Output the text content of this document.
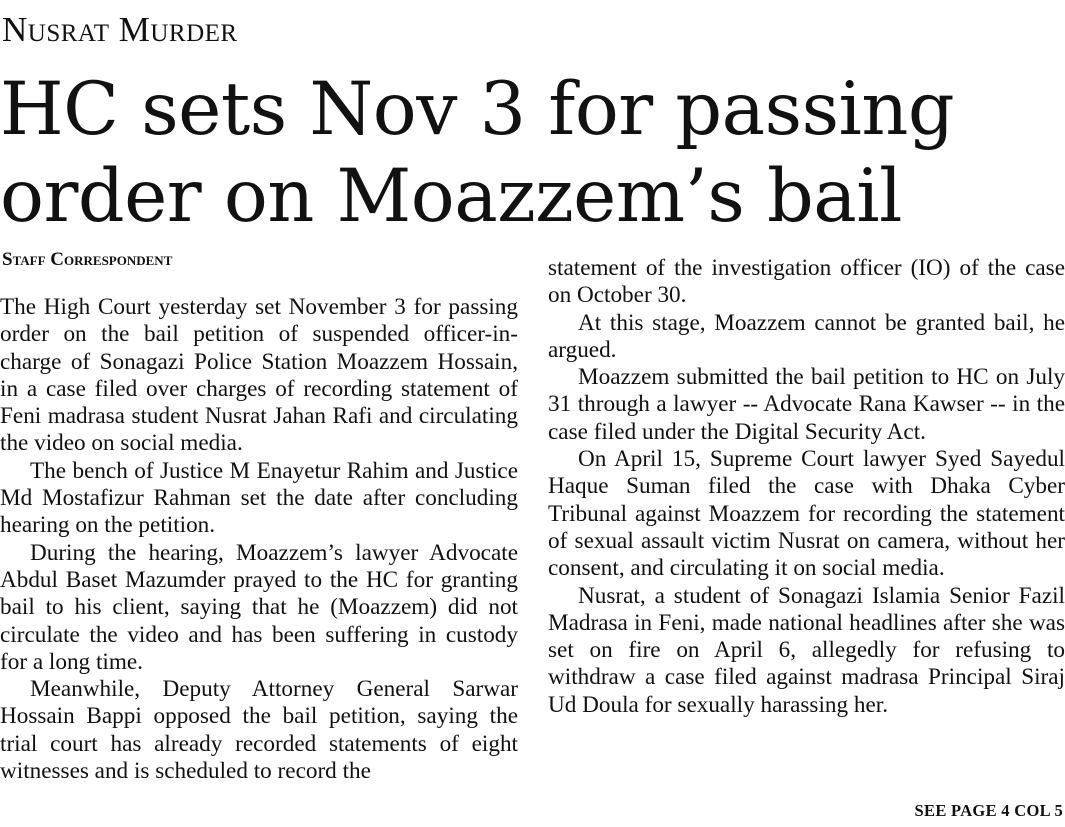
Nusrat Murder
HC sets Nov 3 for passing
order on Moazzem’s bail
Staff Correspondent

The High Court yesterday set November 3 for passing order on the bail petition of suspended officer-in-charge of Sonagazi Police Station Moazzem Hossain, in a case filed over charges of recording statement of Feni madrasa student Nusrat Jahan Rafi and circulating the video on social media.

The bench of Justice M Enayetur Rahim and Justice Md Mostafizur Rahman set the date after concluding hearing on the petition.

During the hearing, Moazzem’s lawyer Advocate Abdul Baset Mazumder prayed to the HC for granting bail to his client, saying that he (Moazzem) did not circulate the video and has been suffering in custody for a long time.

Meanwhile, Deputy Attorney General Sarwar Hossain Bappi opposed the bail petition, saying the trial court has already recorded statements of eight witnesses and is scheduled to record the

statement of the investigation officer (IO) of the case on October 30.

At this stage, Moazzem cannot be granted bail, he argued.

Moazzem submitted the bail petition to HC on July 31 through a lawyer -- Advocate Rana Kawser -- in the case filed under the Digital Security Act.

On April 15, Supreme Court lawyer Syed Sayedul Haque Suman filed the case with Dhaka Cyber Tribunal against Moazzem for recording the statement of sexual assault victim Nusrat on camera, without her consent, and circulating it on social media.

Nusrat, a student of Sonagazi Islamia Senior Fazil Madrasa in Feni, made national headlines after she was set on fire on April 6, allegedly for refusing to withdraw a case filed against madrasa Principal Siraj Ud Doula for sexually harassing her.

SEE PAGE 4 COL 5
